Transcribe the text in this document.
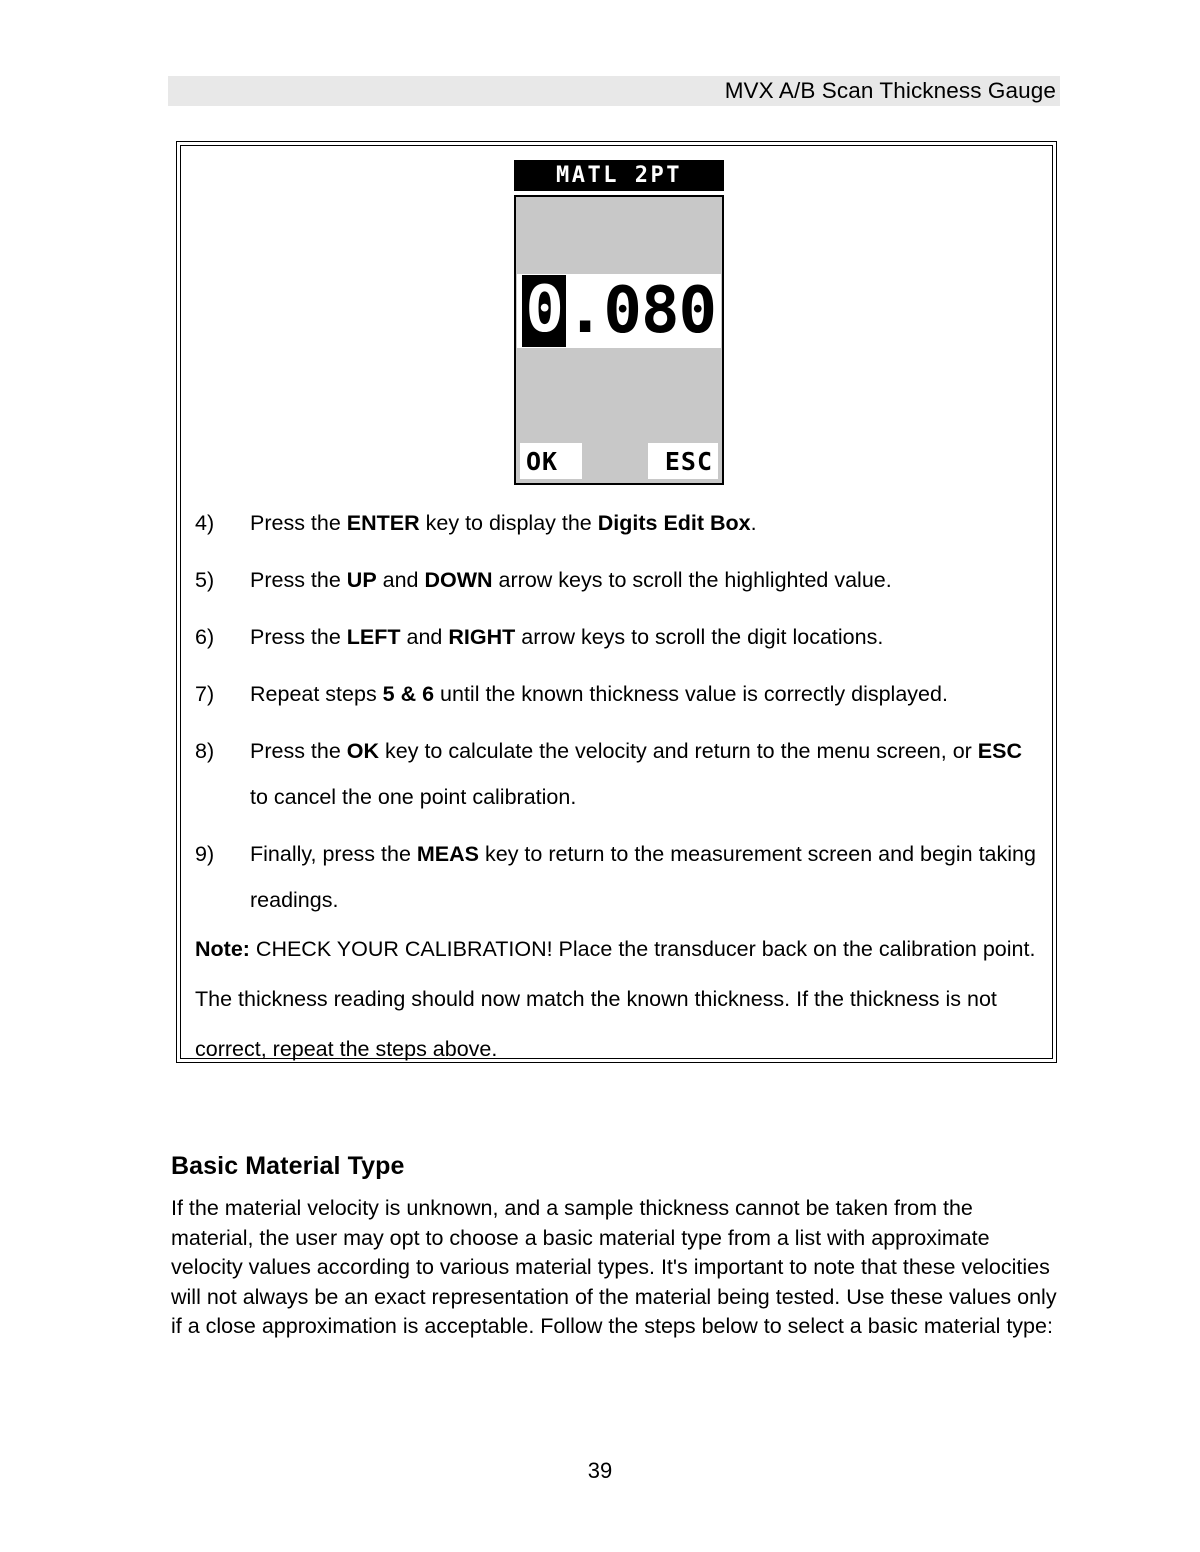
MVX A/B Scan Thickness Gauge
MATL 2PT
0 .080
OK	ESC
4)	Press the ENTER key to display the Digits Edit Box.
5)	Press the UP and DOWN arrow keys to scroll the highlighted value.
6)	Press the LEFT and RIGHT arrow keys to scroll the digit locations.
7)	Repeat steps 5 & 6 until the known thickness value is correctly displayed.
8)	Press the OK key to calculate the velocity and return to the menu screen, or ESC to cancel the one point calibration.
9)	Finally, press the MEAS key to return to the measurement screen and begin taking readings.
Note: CHECK YOUR CALIBRATION! Place the transducer back on the calibration point. The thickness reading should now match the known thickness. If the thickness is not correct, repeat the steps above.
Basic Material Type
If the material velocity is unknown, and a sample thickness cannot be taken from the material, the user may opt to choose a basic material type from a list with approximate velocity values according to various material types. It's important to note that these velocities will not always be an exact representation of the material being tested. Use these values only if a close approximation is acceptable. Follow the steps below to select a basic material type:
39
